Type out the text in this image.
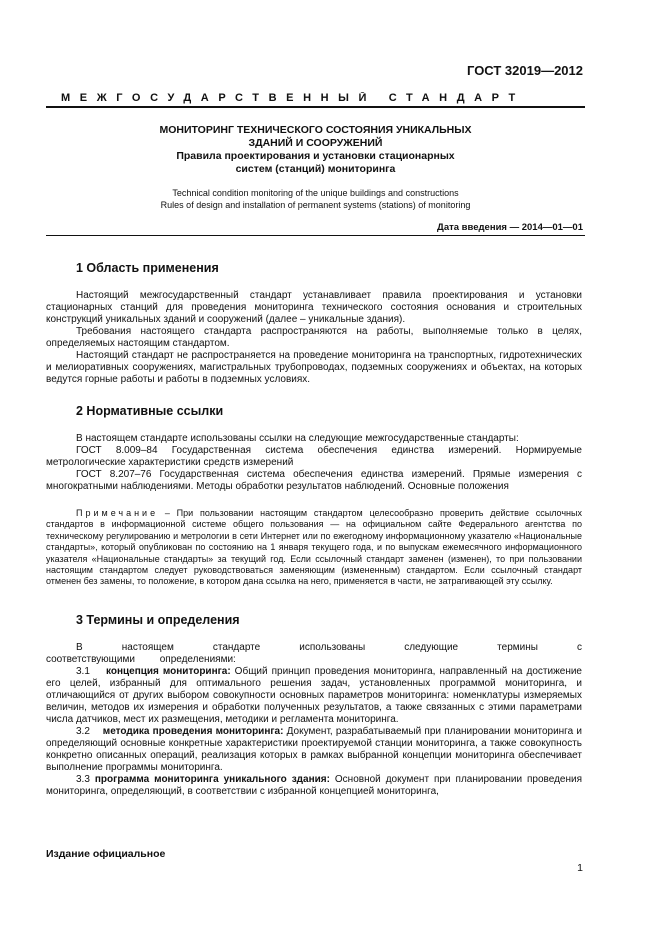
ГОСТ 32019—2012
МЕЖГОСУДАРСТВЕННЫЙ СТАНДАРТ
МОНИТОРИНГ ТЕХНИЧЕСКОГО СОСТОЯНИЯ УНИКАЛЬНЫХ
ЗДАНИЙ И СООРУЖЕНИЙ
Правила проектирования и установки стационарных
систем (станций) мониторинга
Technical condition monitoring of the unique buildings and constructions
Rules of design and installation of permanent systems (stations) of monitoring
Дата введения — 2014—01—01
1 Область применения

Настоящий межгосударственный стандарт устанавливает правила проектирования и установки стационарных станций для проведения мониторинга технического состояния основания и строительных конструкций уникальных зданий и сооружений (далее – уникальные здания).

Требования настоящего стандарта распространяются на работы, выполняемые только в целях, определяемых настоящим стандартом.

Настоящий стандарт не распространяется на проведение мониторинга на транспортных, гидротехнических и мелиоративных сооружениях, магистральных трубопроводах, подземных сооружениях и объектах, на которых ведутся горные работы и работы в подземных условиях.

2 Нормативные ссылки

В настоящем стандарте использованы ссылки на следующие межгосударственные стандарты:

ГОСТ 8.009–84 Государственная система обеспечения единства измерений. Нормируемые метрологические характеристики средств измерений

ГОСТ 8.207–76 Государственная система обеспечения единства измерений. Прямые измерения с многократными наблюдениями. Методы обработки результатов наблюдений. Основные положения

Примечание – При пользовании настоящим стандартом целесообразно проверить действие ссылочных стандартов в информационной системе общего пользования — на официальном сайте Федерального агентства по техническому регулированию и метрологии в сети Интернет или по ежегодному информационному указателю «Национальные стандарты», который опубликован по состоянию на 1 января текущего года, и по выпускам ежемесячного информационного указателя «Национальные стандарты» за текущий год. Если ссылочный стандарт заменен (изменен), то при пользовании настоящим стандартом следует руководствоваться заменяющим (измененным) стандартом. Если ссылочный стандарт отменен без замены, то положение, в котором дана ссылка на него, применяется в части, не затрагивающей эту ссылку.

3 Термины и определения

В настоящем стандарте использованы следующие термины с соответствующими определениями:

3.1 концепция мониторинга: Общий принцип проведения мониторинга, направленный на достижение его целей, избранный для оптимального решения задач, установленных программой мониторинга, и отличающийся от других выбором совокупности основных параметров мониторинга: номенклатуры измеряемых величин, методов их измерения и обработки полученных результатов, а также связанных с этими параметрами числа датчиков, мест их размещения, методики и регламента мониторинга.

3.2 методика проведения мониторинга: Документ, разрабатываемый при планировании мониторинга и определяющий основные конкретные характеристики проектируемой станции мониторинга, а также совокупность конкретно описанных операций, реализация которых в рамках выбранной концепции мониторинга обеспечивает выполнение программы мониторинга.

3.3 программа мониторинга уникального здания: Основной документ при планировании проведения мониторинга, определяющий, в соответствии с избранной концепцией мониторинга,

Издание официальное
1
